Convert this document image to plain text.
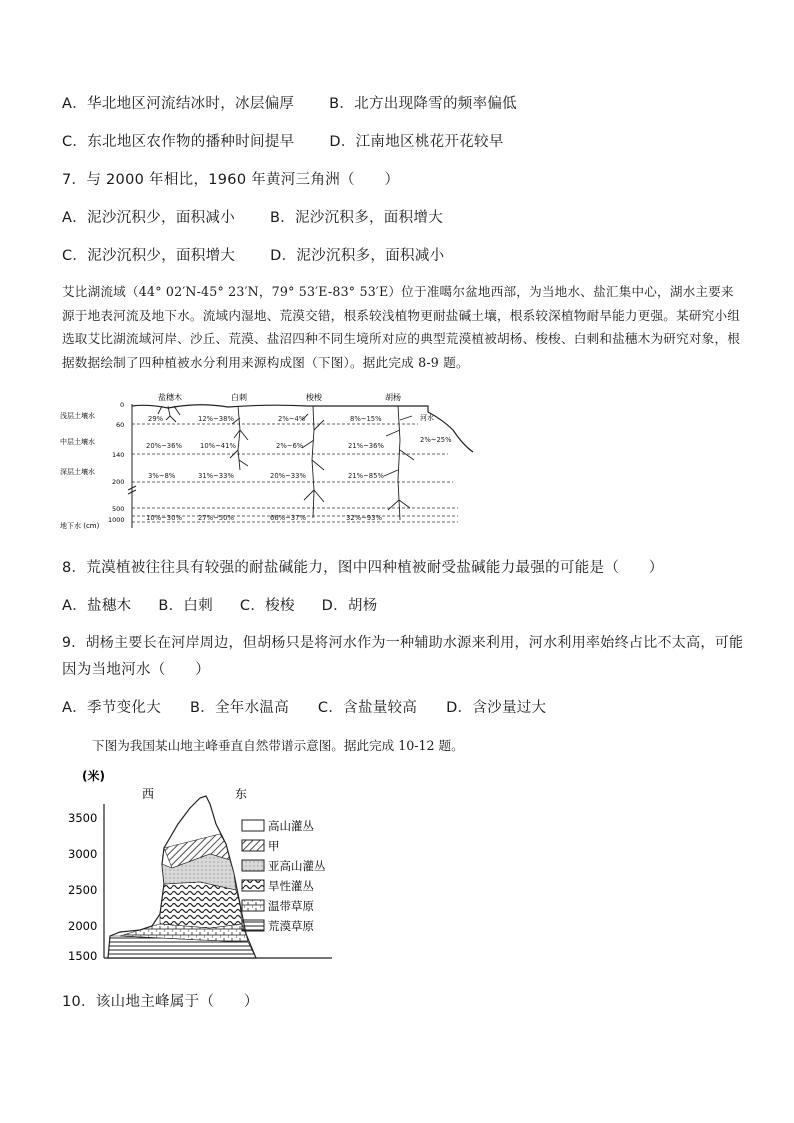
A．华北地区河流结冰时，冰层偏厚 B．北方出现降雪的频率偏低
C．东北地区农作物的播种时间提早 D．江南地区桃花开花较早
7．与 2000 年相比，1960 年黄河三角洲（　　）
A．泥沙沉积少，面积减小 B．泥沙沉积多，面积增大
C．泥沙沉积少，面积增大 D．泥沙沉积多，面积减小
艾比湖流域（44° 02′N-45° 23′N，79° 53′E-83° 53′E）位于准噶尔盆地西部，为当地水、盐汇集中心，湖水主要来源于地表河流及地下水。流域内湿地、荒漠交错，根系较浅植物更耐盐碱土壤，根系较深植物耐旱能力更强。某研究小组选取艾比湖流域河岸、沙丘、荒漠、盐沼四种不同生境所对应的典型荒漠植被胡杨、梭梭、白刺和盐穗木为研究对象，根据数据绘制了四种植被水分利用来源构成图（下图）。据此完成 8-9 题。
盐穗木	白刺	梭梭	胡杨
浅层土壤水
中层土壤水
深层土壤水
地下水 (cm)
0
60
140
200
500
1000
河水
29%
20%~36%
3%~8%
10%~30%
12%~38%
10%~41%
31%~33%
27%~50%
2%~4%
2%~6%
20%~33%
66%~37%
8%~15%
21%~36%
21%~85%
32%~93%
2%~25%
8．荒漠植被往往具有较强的耐盐碱能力，图中四种植被耐受盐碱能力最强的可能是（　　）
A．盐穗木 B．白刺 C．梭梭 D．胡杨
9．胡杨主要长在河岸周边，但胡杨只是将河水作为一种辅助水源来利用，河水利用率始终占比不太高，可能
因为当地河水（　　）
A．季节变化大 B．全年水温高 C．含盐量较高 D．含沙量过大
下图为我国某山地主峰垂直自然带谱示意图。据此完成 10-12 题。
(米)
西	东
3500
3000
2500
2000
1500
高山灌丛
甲
亚高山灌丛
旱性灌丛
温带草原
荒漠草原
10．该山地主峰属于（　　）
